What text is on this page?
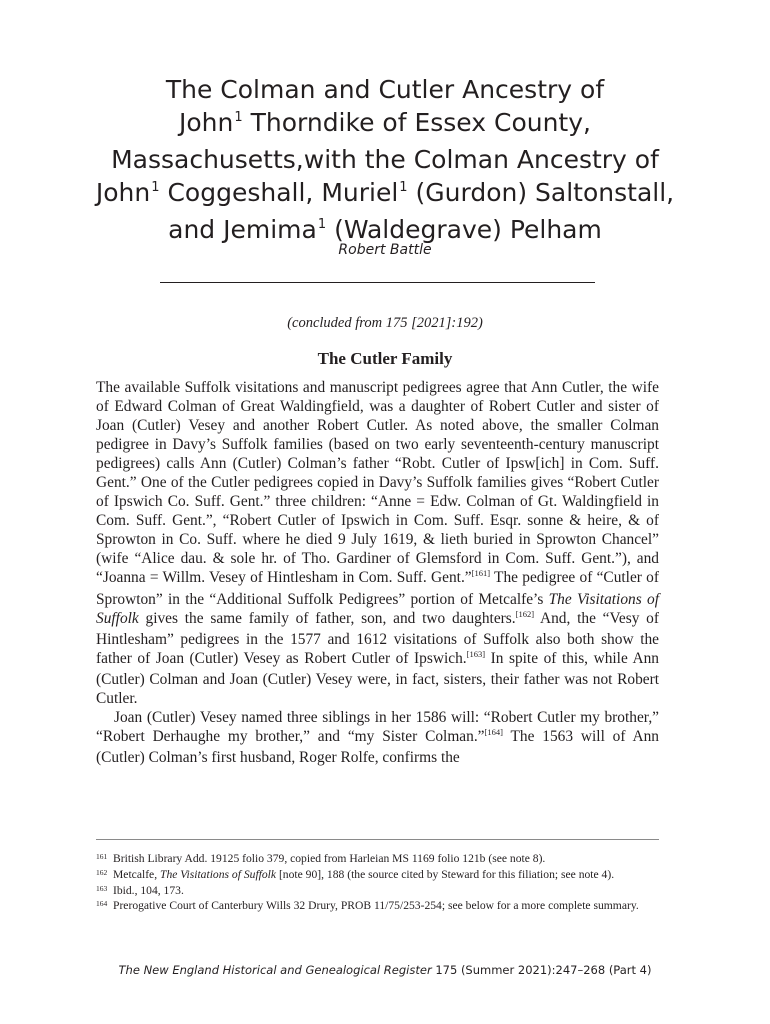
The Colman and Cutler Ancestry of
John$^1$ Thorndike of Essex County,
Massachusetts,with the Colman Ancestry of
John$^1$ Coggeshall, Muriel$^1$ (Gurdon) Saltonstall,
and Jemima$^1$ (Waldegrave) Pelham
Robert Battle
(concluded from 175 [2021]:192)
The Cutler Family

The available Suffolk visitations and manuscript pedigrees agree that Ann Cutler, the wife of Edward Colman of Great Waldingfield, was a daughter of Robert Cutler and sister of Joan (Cutler) Vesey and another Robert Cutler. As noted above, the smaller Colman pedigree in Davy’s Suffolk families (based on two early seventeenth-century manuscript pedigrees) calls Ann (Cutler) Colman’s father “Robt. Cutler of Ipsw[ich] in Com. Suff. Gent.” One of the Cutler pedigrees copied in Davy’s Suffolk families gives “Robert Cutler of Ipswich Co. Suff. Gent.” three children: “Anne = Edw. Colman of Gt. Waldingfield in Com. Suff. Gent.”, “Robert Cutler of Ipswich in Com. Suff. Esqr. sonne & heire, & of Sprowton in Co. Suff. where he died 9 July 1619, & lieth buried in Sprowton Chancel” (wife “Alice dau. & sole hr. of Tho. Gardiner of Glemsford in Com. Suff. Gent.”), and “Joanna = Willm. Vesey of Hintlesham in Com. Suff. Gent.”[161] The pedigree of “Cutler of Sprowton” in the “Additional Suffolk Pedigrees” portion of Metcalfe’s The Visitations of Suffolk gives the same family of father, son, and two daughters.[162] And, the “Vesy of Hintlesham” pedigrees in the 1577 and 1612 visitations of Suffolk also both show the father of Joan (Cutler) Vesey as Robert Cutler of Ipswich.[163] In spite of this, while Ann (Cutler) Colman and Joan (Cutler) Vesey were, in fact, sisters, their father was not Robert Cutler.

Joan (Cutler) Vesey named three siblings in her 1586 will: “Robert Cutler my brother,” “Robert Derhaughe my brother,” and “my Sister Colman.”[164] The 1563 will of Ann (Cutler) Colman’s first husband, Roger Rolfe, confirms the

161 British Library Add. 19125 folio 379, copied from Harleian MS 1169 folio 121b (see note 8).
162 Metcalfe, The Visitations of Suffolk [note 90], 188 (the source cited by Steward for this filiation; see note 4).
163 Ibid., 104, 173.
164 Prerogative Court of Canterbury Wills 32 Drury, PROB 11/75/253-254; see below for a more complete summary.
The New England Historical and Genealogical Register 175 (Summer 2021):247–268 (Part 4)
